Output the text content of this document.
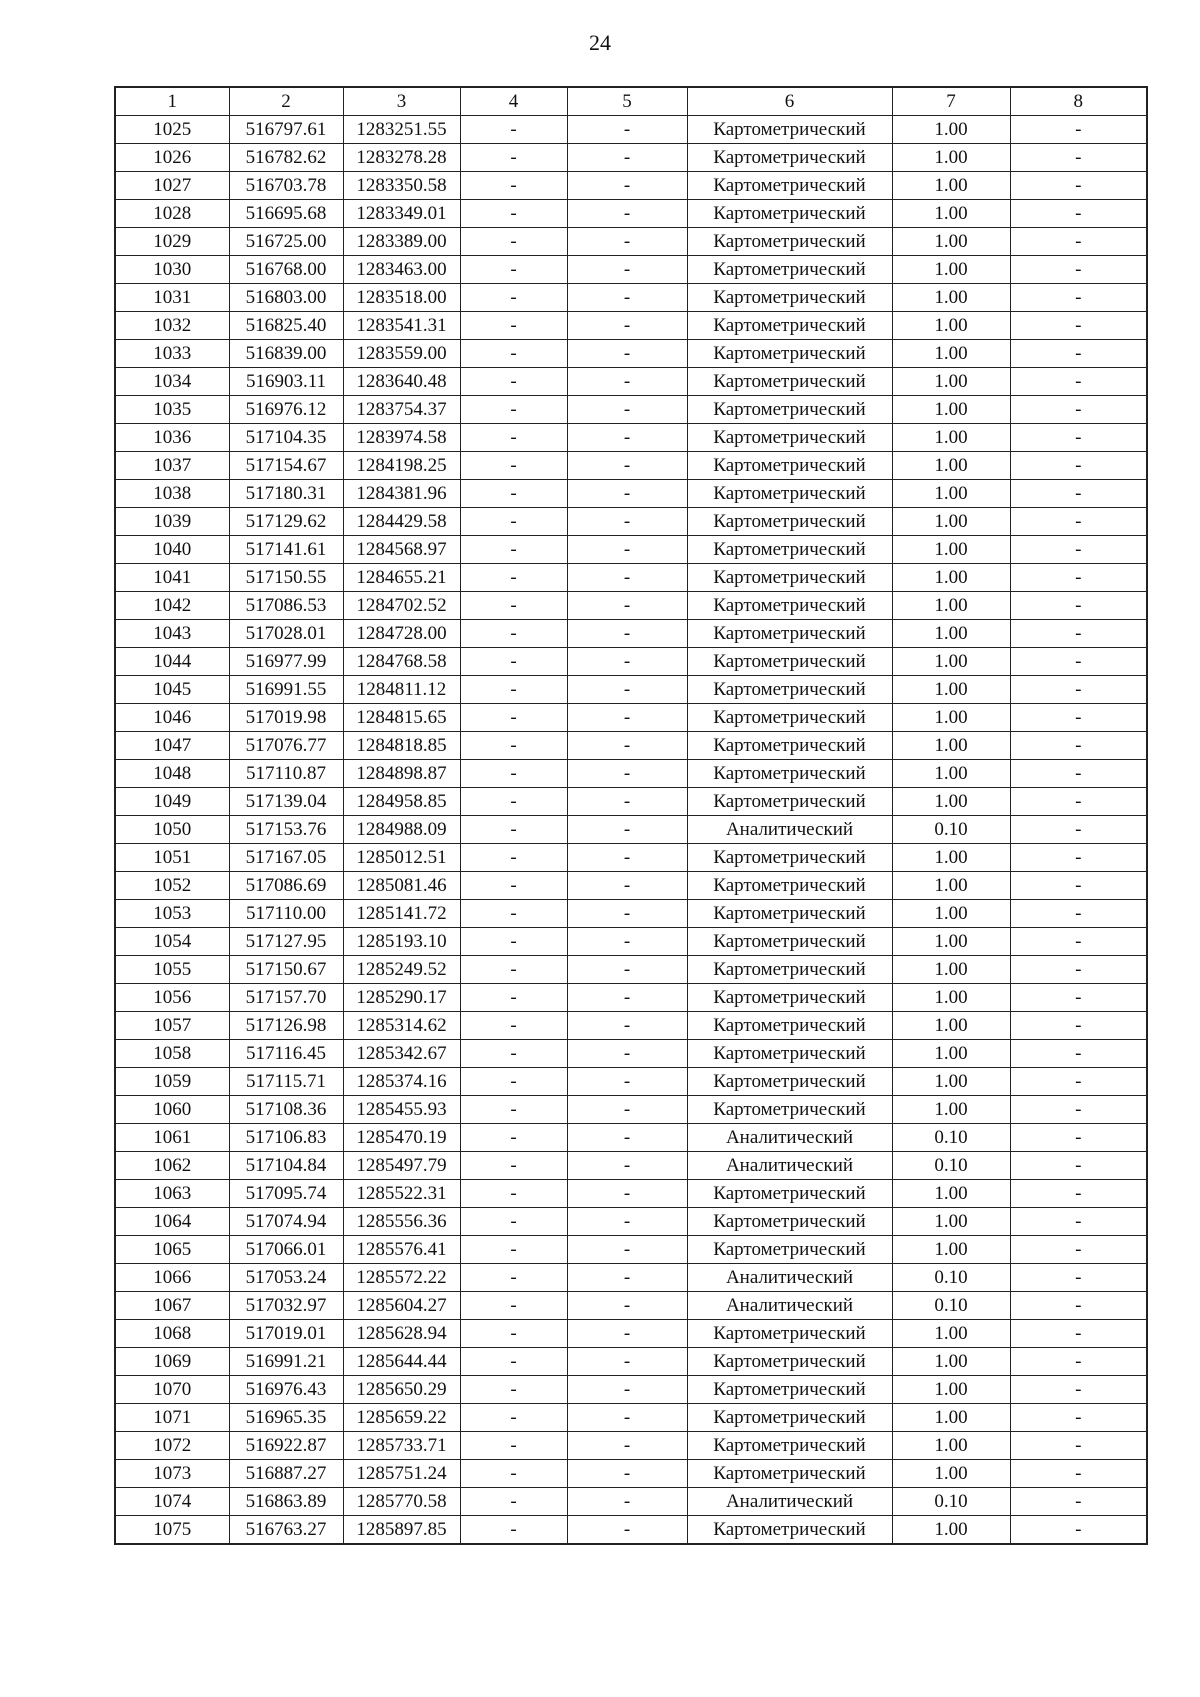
24
1	2	3	4	5	6	7	8
1025	516797.61	1283251.55	-	-	Картометрический	1.00	-
1026	516782.62	1283278.28	-	-	Картометрический	1.00	-
1027	516703.78	1283350.58	-	-	Картометрический	1.00	-
1028	516695.68	1283349.01	-	-	Картометрический	1.00	-
1029	516725.00	1283389.00	-	-	Картометрический	1.00	-
1030	516768.00	1283463.00	-	-	Картометрический	1.00	-
1031	516803.00	1283518.00	-	-	Картометрический	1.00	-
1032	516825.40	1283541.31	-	-	Картометрический	1.00	-
1033	516839.00	1283559.00	-	-	Картометрический	1.00	-
1034	516903.11	1283640.48	-	-	Картометрический	1.00	-
1035	516976.12	1283754.37	-	-	Картометрический	1.00	-
1036	517104.35	1283974.58	-	-	Картометрический	1.00	-
1037	517154.67	1284198.25	-	-	Картометрический	1.00	-
1038	517180.31	1284381.96	-	-	Картометрический	1.00	-
1039	517129.62	1284429.58	-	-	Картометрический	1.00	-
1040	517141.61	1284568.97	-	-	Картометрический	1.00	-
1041	517150.55	1284655.21	-	-	Картометрический	1.00	-
1042	517086.53	1284702.52	-	-	Картометрический	1.00	-
1043	517028.01	1284728.00	-	-	Картометрический	1.00	-
1044	516977.99	1284768.58	-	-	Картометрический	1.00	-
1045	516991.55	1284811.12	-	-	Картометрический	1.00	-
1046	517019.98	1284815.65	-	-	Картометрический	1.00	-
1047	517076.77	1284818.85	-	-	Картометрический	1.00	-
1048	517110.87	1284898.87	-	-	Картометрический	1.00	-
1049	517139.04	1284958.85	-	-	Картометрический	1.00	-
1050	517153.76	1284988.09	-	-	Аналитический	0.10	-
1051	517167.05	1285012.51	-	-	Картометрический	1.00	-
1052	517086.69	1285081.46	-	-	Картометрический	1.00	-
1053	517110.00	1285141.72	-	-	Картометрический	1.00	-
1054	517127.95	1285193.10	-	-	Картометрический	1.00	-
1055	517150.67	1285249.52	-	-	Картометрический	1.00	-
1056	517157.70	1285290.17	-	-	Картометрический	1.00	-
1057	517126.98	1285314.62	-	-	Картометрический	1.00	-
1058	517116.45	1285342.67	-	-	Картометрический	1.00	-
1059	517115.71	1285374.16	-	-	Картометрический	1.00	-
1060	517108.36	1285455.93	-	-	Картометрический	1.00	-
1061	517106.83	1285470.19	-	-	Аналитический	0.10	-
1062	517104.84	1285497.79	-	-	Аналитический	0.10	-
1063	517095.74	1285522.31	-	-	Картометрический	1.00	-
1064	517074.94	1285556.36	-	-	Картометрический	1.00	-
1065	517066.01	1285576.41	-	-	Картометрический	1.00	-
1066	517053.24	1285572.22	-	-	Аналитический	0.10	-
1067	517032.97	1285604.27	-	-	Аналитический	0.10	-
1068	517019.01	1285628.94	-	-	Картометрический	1.00	-
1069	516991.21	1285644.44	-	-	Картометрический	1.00	-
1070	516976.43	1285650.29	-	-	Картометрический	1.00	-
1071	516965.35	1285659.22	-	-	Картометрический	1.00	-
1072	516922.87	1285733.71	-	-	Картометрический	1.00	-
1073	516887.27	1285751.24	-	-	Картометрический	1.00	-
1074	516863.89	1285770.58	-	-	Аналитический	0.10	-
1075	516763.27	1285897.85	-	-	Картометрический	1.00	-
